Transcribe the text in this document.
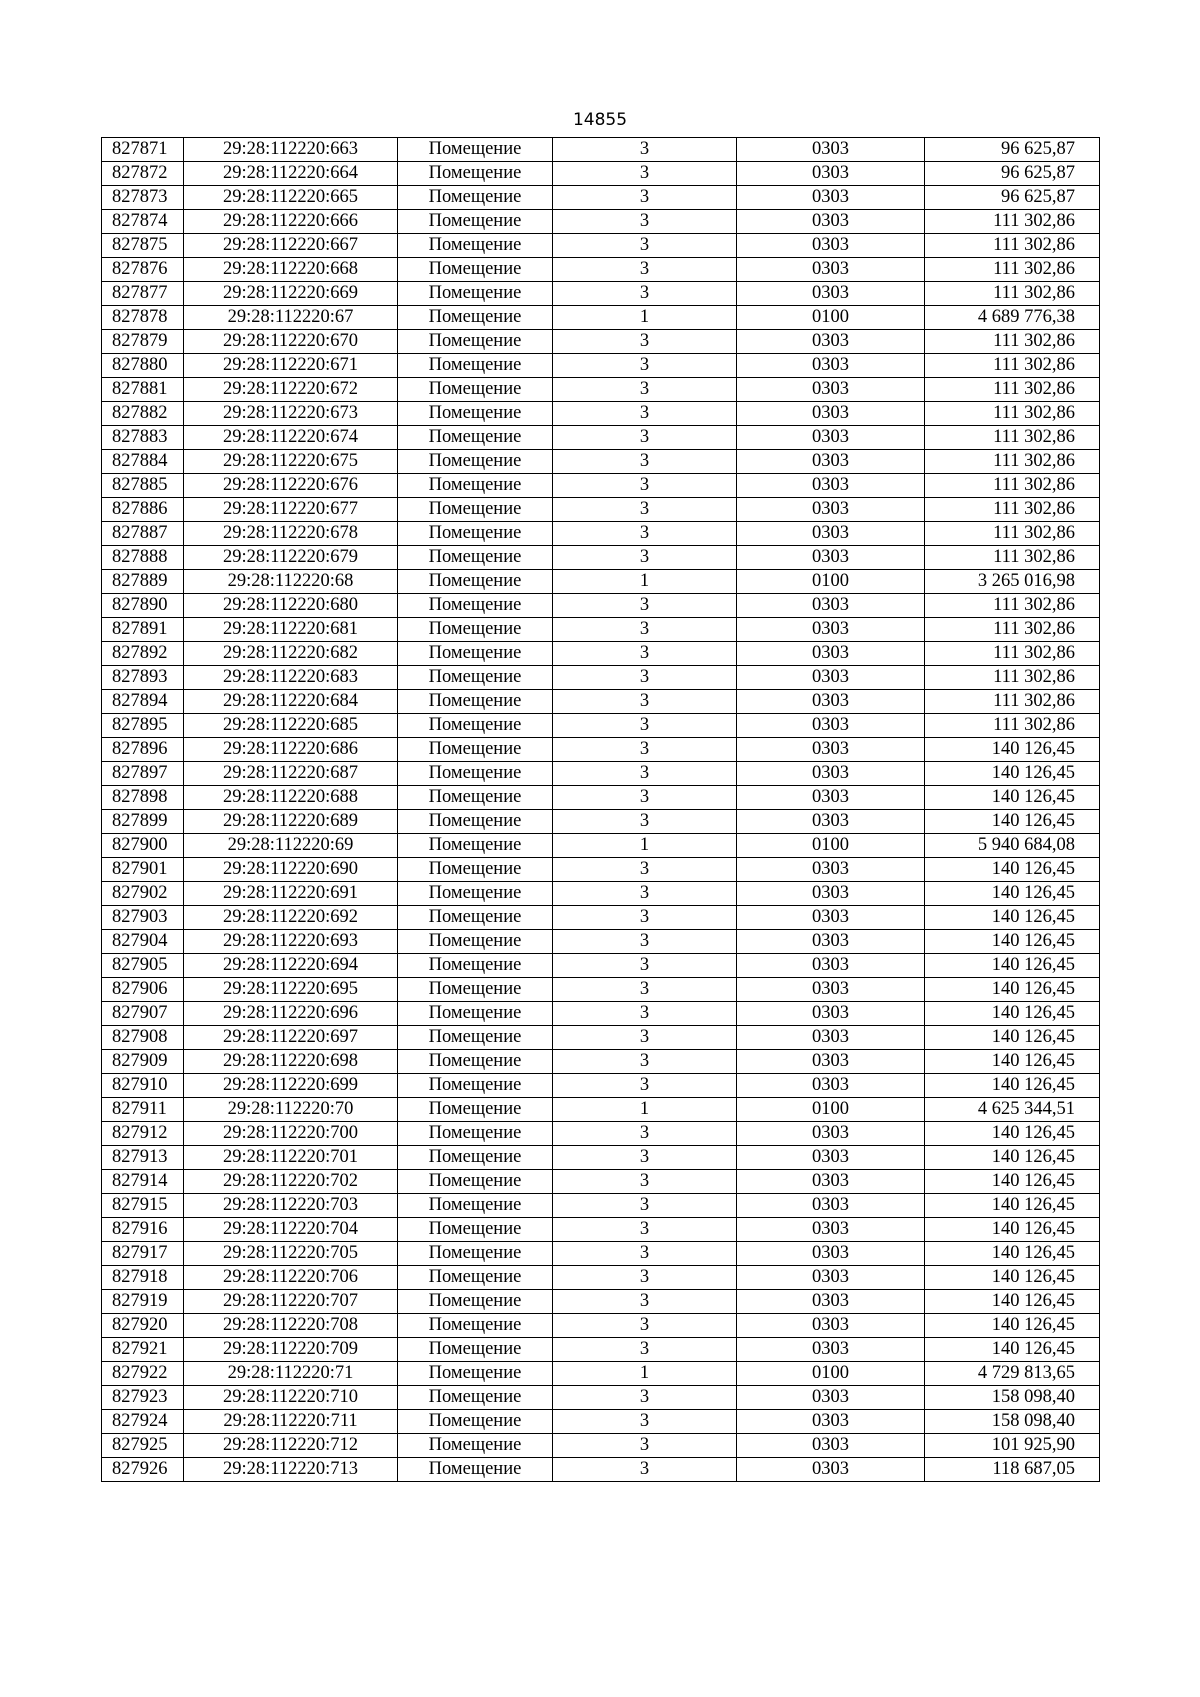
14855
827871	29:28:112220:663	Помещение	3	0303	96 625,87
827872	29:28:112220:664	Помещение	3	0303	96 625,87
827873	29:28:112220:665	Помещение	3	0303	96 625,87
827874	29:28:112220:666	Помещение	3	0303	111 302,86
827875	29:28:112220:667	Помещение	3	0303	111 302,86
827876	29:28:112220:668	Помещение	3	0303	111 302,86
827877	29:28:112220:669	Помещение	3	0303	111 302,86
827878	29:28:112220:67	Помещение	1	0100	4 689 776,38
827879	29:28:112220:670	Помещение	3	0303	111 302,86
827880	29:28:112220:671	Помещение	3	0303	111 302,86
827881	29:28:112220:672	Помещение	3	0303	111 302,86
827882	29:28:112220:673	Помещение	3	0303	111 302,86
827883	29:28:112220:674	Помещение	3	0303	111 302,86
827884	29:28:112220:675	Помещение	3	0303	111 302,86
827885	29:28:112220:676	Помещение	3	0303	111 302,86
827886	29:28:112220:677	Помещение	3	0303	111 302,86
827887	29:28:112220:678	Помещение	3	0303	111 302,86
827888	29:28:112220:679	Помещение	3	0303	111 302,86
827889	29:28:112220:68	Помещение	1	0100	3 265 016,98
827890	29:28:112220:680	Помещение	3	0303	111 302,86
827891	29:28:112220:681	Помещение	3	0303	111 302,86
827892	29:28:112220:682	Помещение	3	0303	111 302,86
827893	29:28:112220:683	Помещение	3	0303	111 302,86
827894	29:28:112220:684	Помещение	3	0303	111 302,86
827895	29:28:112220:685	Помещение	3	0303	111 302,86
827896	29:28:112220:686	Помещение	3	0303	140 126,45
827897	29:28:112220:687	Помещение	3	0303	140 126,45
827898	29:28:112220:688	Помещение	3	0303	140 126,45
827899	29:28:112220:689	Помещение	3	0303	140 126,45
827900	29:28:112220:69	Помещение	1	0100	5 940 684,08
827901	29:28:112220:690	Помещение	3	0303	140 126,45
827902	29:28:112220:691	Помещение	3	0303	140 126,45
827903	29:28:112220:692	Помещение	3	0303	140 126,45
827904	29:28:112220:693	Помещение	3	0303	140 126,45
827905	29:28:112220:694	Помещение	3	0303	140 126,45
827906	29:28:112220:695	Помещение	3	0303	140 126,45
827907	29:28:112220:696	Помещение	3	0303	140 126,45
827908	29:28:112220:697	Помещение	3	0303	140 126,45
827909	29:28:112220:698	Помещение	3	0303	140 126,45
827910	29:28:112220:699	Помещение	3	0303	140 126,45
827911	29:28:112220:70	Помещение	1	0100	4 625 344,51
827912	29:28:112220:700	Помещение	3	0303	140 126,45
827913	29:28:112220:701	Помещение	3	0303	140 126,45
827914	29:28:112220:702	Помещение	3	0303	140 126,45
827915	29:28:112220:703	Помещение	3	0303	140 126,45
827916	29:28:112220:704	Помещение	3	0303	140 126,45
827917	29:28:112220:705	Помещение	3	0303	140 126,45
827918	29:28:112220:706	Помещение	3	0303	140 126,45
827919	29:28:112220:707	Помещение	3	0303	140 126,45
827920	29:28:112220:708	Помещение	3	0303	140 126,45
827921	29:28:112220:709	Помещение	3	0303	140 126,45
827922	29:28:112220:71	Помещение	1	0100	4 729 813,65
827923	29:28:112220:710	Помещение	3	0303	158 098,40
827924	29:28:112220:711	Помещение	3	0303	158 098,40
827925	29:28:112220:712	Помещение	3	0303	101 925,90
827926	29:28:112220:713	Помещение	3	0303	118 687,05
